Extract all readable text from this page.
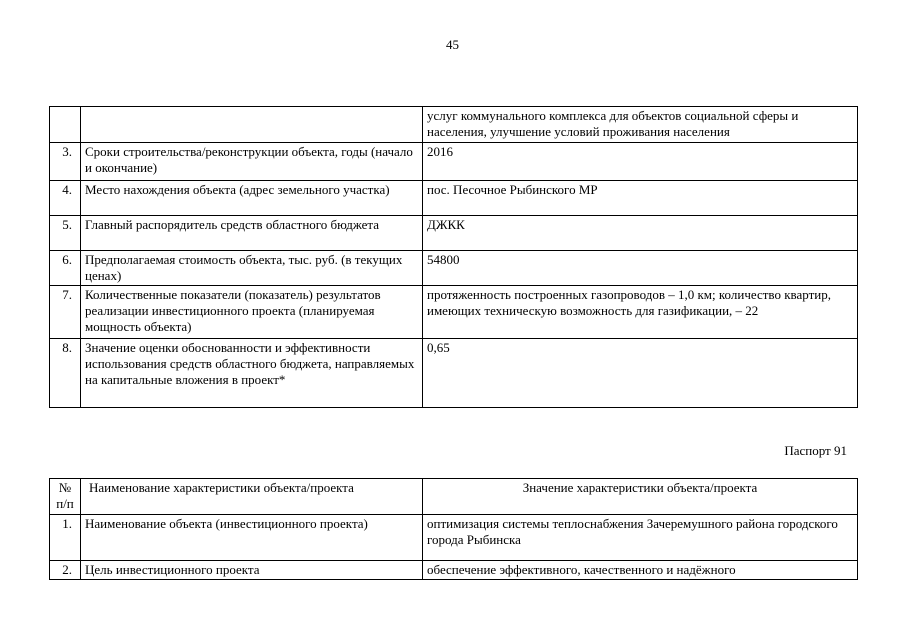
45
		услуг коммунального комплекса для объектов социальной сферы и населения, улучшение условий проживания населения
3.	Сроки строительства/реконструкции объекта, годы (начало и окончание)	2016
4.	Место нахождения объекта (адрес земельного участка)	пос. Песочное Рыбинского МР
5.	Главный распорядитель средств областного бюджета	ДЖКК
6.	Предполагаемая стоимость объекта, тыс. руб. (в текущих ценах)	54800
7.	Количественные показатели (показатель) результатов реализации инвестиционного проекта (планируемая мощность объекта)	протяженность построенных газопроводов – 1,0 км; количество квартир, имеющих техническую возможность для газификации, – 22
8.	Значение оценки обоснованности и эффективности использования средств областного бюджета, направляемых на капитальные вложения в проект*	0,65
Паспорт 91
№ п/п	Наименование характеристики объекта/проекта	Значение характеристики объекта/проекта
1.	Наименование объекта (инвестиционного проекта)	оптимизация системы теплоснабжения Зачеремушного района городского города Рыбинска
2.	Цель инвестиционного проекта	обеспечение эффективного, качественного и надёжного
